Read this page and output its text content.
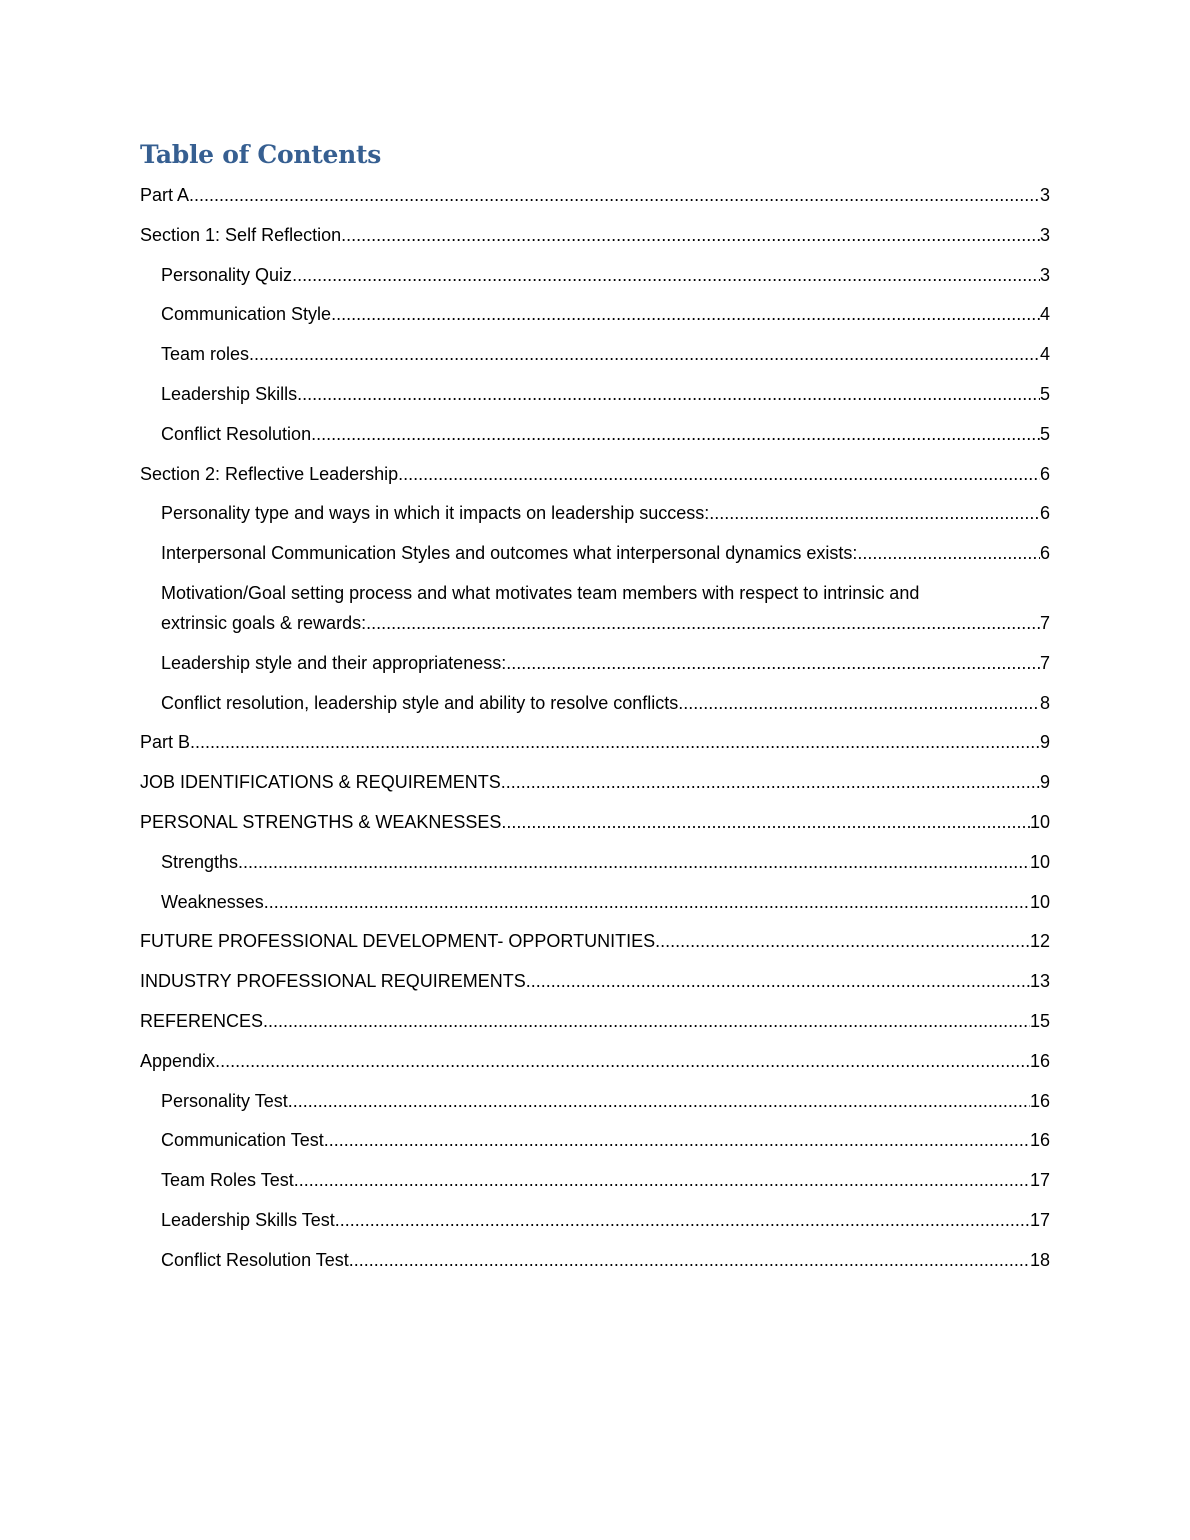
Table of Contents
Part A .....	3
Section 1: Self Reflection .....	3
Personality Quiz .....	3
Communication Style .....	4
Team roles .....	4
Leadership Skills .....	5
Conflict Resolution .....	5
Section 2: Reflective Leadership .....	6
Personality type and ways in which it impacts on leadership success: .....	6
Interpersonal Communication Styles and outcomes what interpersonal dynamics exists: .....	6
Motivation/Goal setting process and what motivates team members with respect to intrinsic and
extrinsic goals & rewards: .....	7
Leadership style and their appropriateness: .....	7
Conflict resolution, leadership style and ability to resolve conflicts .....	8
Part B .....	9
JOB IDENTIFICATIONS & REQUIREMENTS .....	9
PERSONAL STRENGTHS & WEAKNESSES .....	10
Strengths .....	10
Weaknesses .....	10
FUTURE PROFESSIONAL DEVELOPMENT- OPPORTUNITIES .....	12
INDUSTRY PROFESSIONAL REQUIREMENTS .....	13
REFERENCES .....	15
Appendix .....	16
Personality Test .....	16
Communication Test .....	16
Team Roles Test .....	17
Leadership Skills Test .....	17
Conflict Resolution Test .....	18
